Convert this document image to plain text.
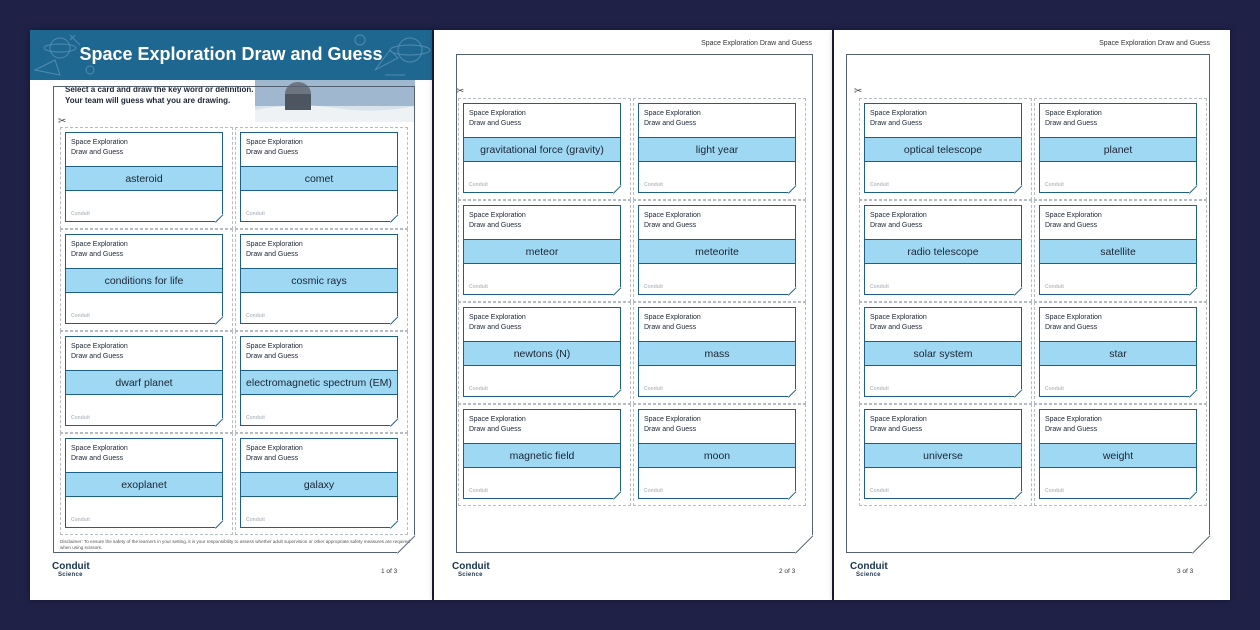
Space Exploration Draw and Guess
Select a card and draw the key word or definition.
Your team will guess what you are drawing.
✂
Disclaimer: To ensure the safety of the learners in your setting, it is your responsibility to assess whether adult supervision or other appropriate safety measures are required when using scissors.
Conduit
Science	1 of 3
Space Exploration
Draw and Guess
asteroid
Conduit
Space Exploration
Draw and Guess
comet
Conduit
Space Exploration
Draw and Guess
conditions for life
Conduit
Space Exploration
Draw and Guess
cosmic rays
Conduit
Space Exploration
Draw and Guess
dwarf planet
Conduit
Space Exploration
Draw and Guess
electromagnetic spectrum (EM)
Conduit
Space Exploration
Draw and Guess
exoplanet
Conduit
Space Exploration
Draw and Guess
galaxy
Conduit
Space Exploration Draw and Guess
✂
Conduit
Science	2 of 3
Space Exploration
Draw and Guess
gravitational force (gravity)
Conduit
Space Exploration
Draw and Guess
light year
Conduit
Space Exploration
Draw and Guess
meteor
Conduit
Space Exploration
Draw and Guess
meteorite
Conduit
Space Exploration
Draw and Guess
newtons (N)
Conduit
Space Exploration
Draw and Guess
mass
Conduit
Space Exploration
Draw and Guess
magnetic field
Conduit
Space Exploration
Draw and Guess
moon
Conduit
Space Exploration Draw and Guess
✂
Conduit
Science	3 of 3
Space Exploration
Draw and Guess
optical telescope
Conduit
Space Exploration
Draw and Guess
planet
Conduit
Space Exploration
Draw and Guess
radio telescope
Conduit
Space Exploration
Draw and Guess
satellite
Conduit
Space Exploration
Draw and Guess
solar system
Conduit
Space Exploration
Draw and Guess
star
Conduit
Space Exploration
Draw and Guess
universe
Conduit
Space Exploration
Draw and Guess
weight
Conduit
